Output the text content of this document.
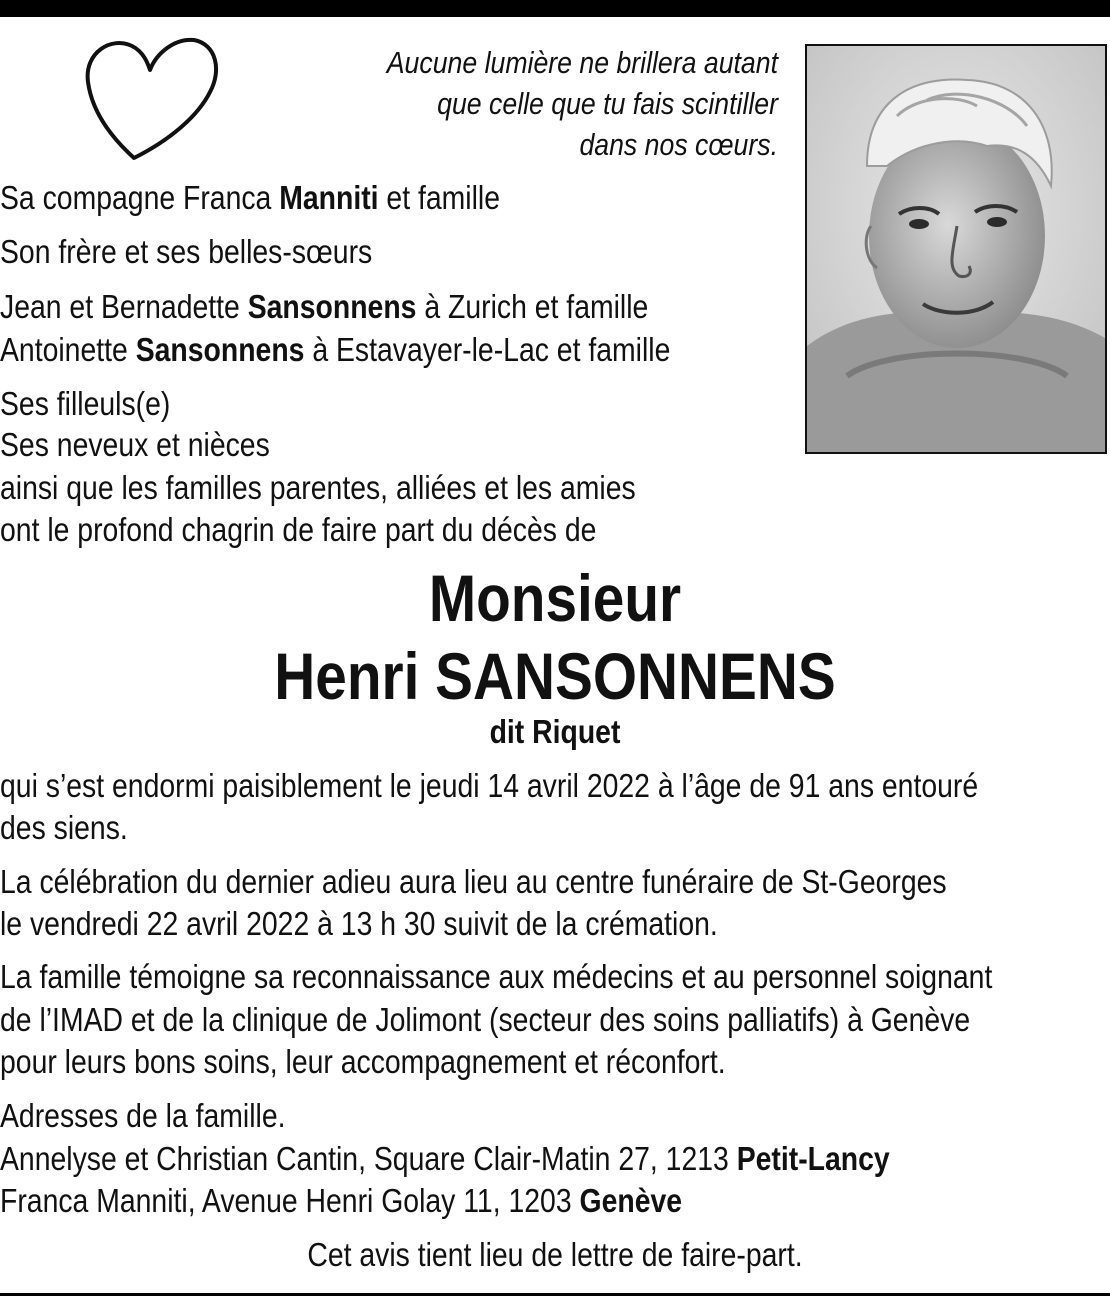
Aucune lumière ne brillera autant
que celle que tu fais scintiller
dans nos cœurs.
Sa compagne Franca Manniti et famille
Son frère et ses belles-sœurs
Jean et Bernadette Sansonnens à Zurich et famille
Antoinette Sansonnens à Estavayer-le-Lac et famille
Ses filleuls(e)
Ses neveux et nièces
ainsi que les familles parentes, alliées et les amies
ont le profond chagrin de faire part du décès de
Monsieur
Henri SANSONNENS
dit Riquet
qui s’est endormi paisiblement le jeudi 14 avril 2022 à l’âge de 91 ans entouré
des siens.
La célébration du dernier adieu aura lieu au centre funéraire de St-Georges
le vendredi 22 avril 2022 à 13 h 30 suivit de la crémation.
La famille témoigne sa reconnaissance aux médecins et au personnel soignant
de l’IMAD et de la clinique de Jolimont (secteur des soins palliatifs) à Genève
pour leurs bons soins, leur accompagnement et réconfort.
Adresses de la famille.
Annelyse et Christian Cantin, Square Clair-Matin 27, 1213 Petit-Lancy
Franca Manniti, Avenue Henri Golay 11, 1203 Genève
Cet avis tient lieu de lettre de faire-part.
